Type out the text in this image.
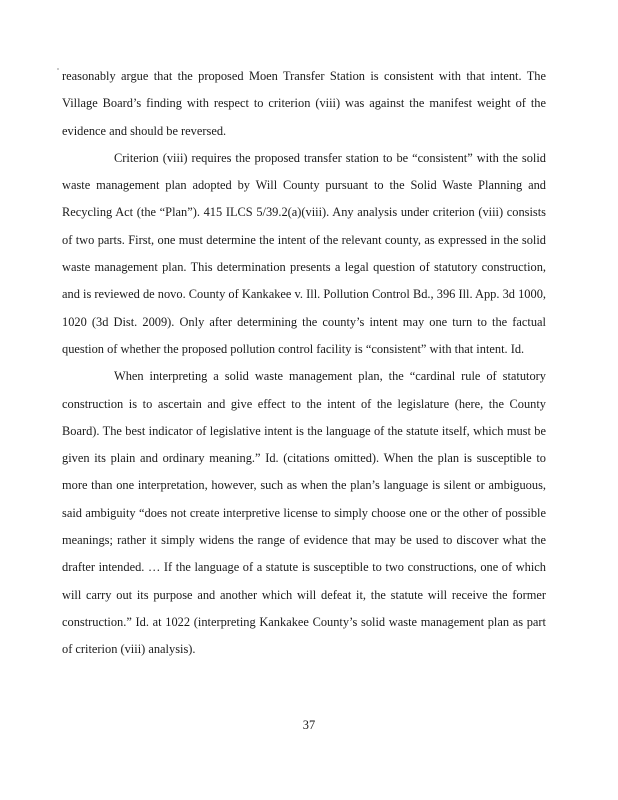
reasonably argue that the proposed Moen Transfer Station is consistent with that intent. The Village Board’s finding with respect to criterion (viii) was against the manifest weight of the evidence and should be reversed.

Criterion (viii) requires the proposed transfer station to be “consistent” with the solid waste management plan adopted by Will County pursuant to the Solid Waste Planning and Recycling Act (the “Plan”). 415 ILCS 5/39.2(a)(viii). Any analysis under criterion (viii) consists of two parts. First, one must determine the intent of the relevant county, as expressed in the solid waste management plan. This determination presents a legal question of statutory construction, and is reviewed de novo. County of Kankakee v. Ill. Pollution Control Bd., 396 Ill. App. 3d 1000, 1020 (3d Dist. 2009). Only after determining the county’s intent may one turn to the factual question of whether the proposed pollution control facility is “consistent” with that intent. Id.

When interpreting a solid waste management plan, the “cardinal rule of statutory construction is to ascertain and give effect to the intent of the legislature (here, the County Board). The best indicator of legislative intent is the language of the statute itself, which must be given its plain and ordinary meaning.” Id. (citations omitted). When the plan is susceptible to more than one interpretation, however, such as when the plan’s language is silent or ambiguous, said ambiguity “does not create interpretive license to simply choose one or the other of possible meanings; rather it simply widens the range of evidence that may be used to discover what the drafter intended. … If the language of a statute is susceptible to two constructions, one of which will carry out its purpose and another which will defeat it, the statute will receive the former construction.” Id. at 1022 (interpreting Kankakee County’s solid waste management plan as part of criterion (viii) analysis).

37
